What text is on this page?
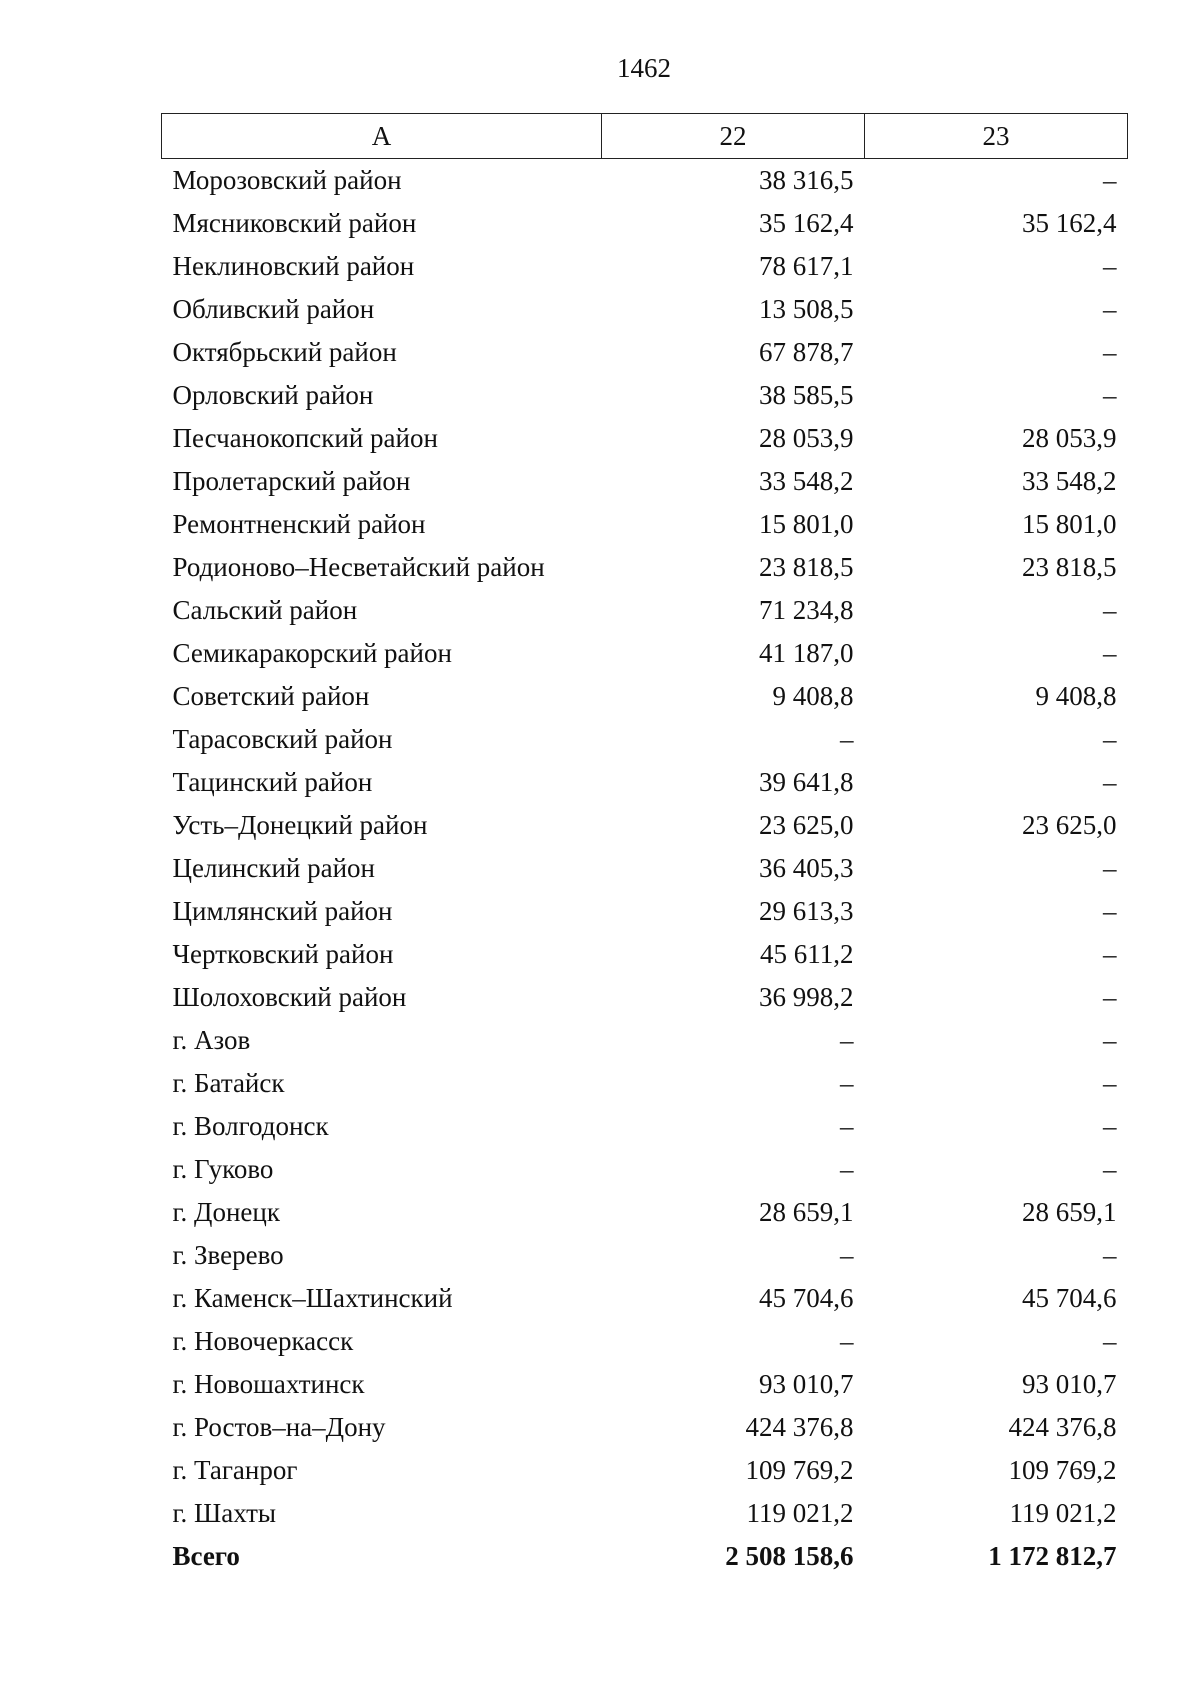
1462
А	22	23
Морозовский район	38 316,5	–
Мясниковский район	35 162,4	35 162,4
Неклиновский район	78 617,1	–
Обливский район	13 508,5	–
Октябрьский район	67 878,7	–
Орловский район	38 585,5	–
Песчанокопский район	28 053,9	28 053,9
Пролетарский район	33 548,2	33 548,2
Ремонтненский район	15 801,0	15 801,0
Родионово–Несветайский район	23 818,5	23 818,5
Сальский район	71 234,8	–
Семикаракорский район	41 187,0	–
Советский район	9 408,8	9 408,8
Тарасовский район	–	–
Тацинский район	39 641,8	–
Усть–Донецкий район	23 625,0	23 625,0
Целинский район	36 405,3	–
Цимлянский район	29 613,3	–
Чертковский район	45 611,2	–
Шолоховский район	36 998,2	–
г. Азов	–	–
г. Батайск	–	–
г. Волгодонск	–	–
г. Гуково	–	–
г. Донецк	28 659,1	28 659,1
г. Зверево	–	–
г. Каменск–Шахтинский	45 704,6	45 704,6
г. Новочеркасск	–	–
г. Новошахтинск	93 010,7	93 010,7
г. Ростов–на–Дону	424 376,8	424 376,8
г. Таганрог	109 769,2	109 769,2
г. Шахты	119 021,2	119 021,2
Всего	2 508 158,6	1 172 812,7
